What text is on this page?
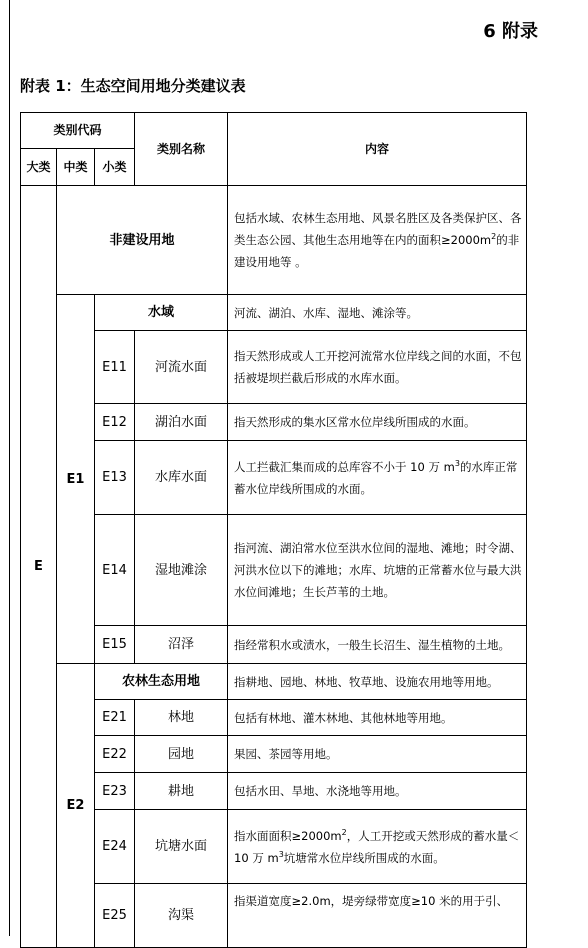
6 附录
附表 1：生态空间用地分类建议表
类别代码			类别名称	内容
大类	中类	小类		
E	非建设用地			包括水域、农林生态用地、风景名胜区及各类保护区、各类生态公园、其他生态用地等在内的面积$\ge 2000m^2$的非建设用地等 。
	E1	水域		河流、湖泊、水库、湿地、滩涂等。
		E11	河流水面	指天然形成或人工开挖河流常水位岸线之间的水面，不包括被堤坝拦截后形成的水库水面。
		E12	湖泊水面	指天然形成的集水区常水位岸线所围成的水面。
		E13	水库水面	人工拦截汇集而成的总库容不小于 10 万 $m^3$的水库正常蓄水位岸线所围成的水面。
		E14	湿地滩涂	指河流、湖泊常水位至洪水位间的湿地、滩地；时令湖、河洪水位以下的滩地；水库、坑塘的正常蓄水位与最大洪水位间滩地；生长芦苇的土地。
		E15	沼泽	指经常积水或渍水，一般生长沼生、湿生植物的土地。
	E2	农林生态用地		指耕地、园地、林地、牧草地、设施农用地等用地。
		E21	林地	包括有林地、灌木林地、其他林地等用地。
		E22	园地	果园、茶园等用地。
		E23	耕地	包括水田、旱地、水浇地等用地。
		E24	坑塘水面	指水面面积$\ge 2000m^2$，人工开挖或天然形成的蓄水量＜10 万 $m^3$坑塘常水位岸线所围成的水面。
		E25	沟渠	指渠道宽度≥2.0m，堤旁绿带宽度≥10 米的用于引、
